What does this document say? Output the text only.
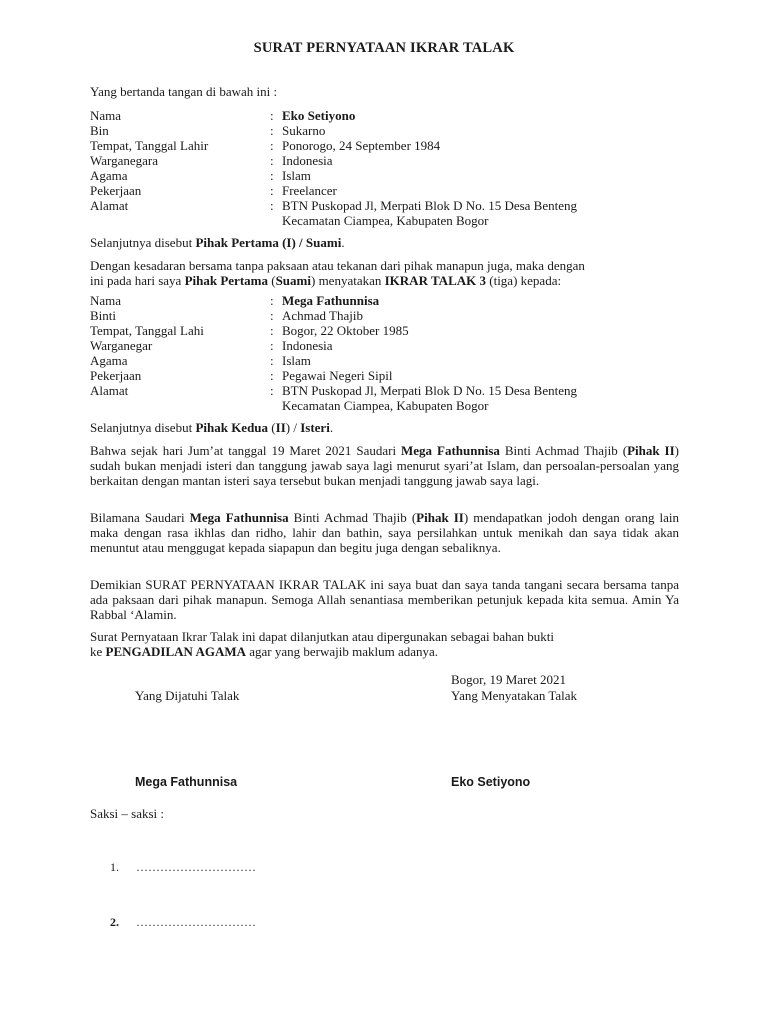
SURAT PERNYATAAN IKRAR TALAK
Yang bertanda tangan di bawah ini :
Nama	: Eko Setiyono
Bin	: Sukarno
Tempat, Tanggal Lahir	: Ponorogo, 24 September 1984
Warganegara	: Indonesia
Agama	: Islam
Pekerjaan	: Freelancer
Alamat	: BTN Puskopad Jl, Merpati Blok D No. 15 Desa Benteng
Kecamatan Ciampea, Kabupaten Bogor
Selanjutnya disebut Pihak Pertama (I) / Suami.
Dengan kesadaran bersama tanpa paksaan atau tekanan dari pihak manapun juga, maka dengan
ini pada hari saya Pihak Pertama (Suami) menyatakan IKRAR TALAK 3 (tiga) kepada:
Nama	: Mega Fathunnisa
Binti	: Achmad Thajib
Tempat, Tanggal Lahi	: Bogor, 22 Oktober 1985
Warganegar	: Indonesia
Agama	: Islam
Pekerjaan	: Pegawai Negeri Sipil
Alamat	: BTN Puskopad Jl, Merpati Blok D No. 15 Desa Benteng
Kecamatan Ciampea, Kabupaten Bogor
Selanjutnya disebut Pihak Kedua (II) / Isteri.
Bahwa sejak hari Jum’at tanggal 19 Maret 2021 Saudari Mega Fathunnisa Binti Achmad Thajib (Pihak II) sudah bukan menjadi isteri dan tanggung jawab saya lagi menurut syari’at Islam, dan persoalan-persoalan yang berkaitan dengan mantan isteri saya tersebut bukan menjadi tanggung jawab saya lagi.
Bilamana Saudari Mega Fathunnisa Binti Achmad Thajib (Pihak II) mendapatkan jodoh dengan orang lain maka dengan rasa ikhlas dan ridho, lahir dan bathin, saya persilahkan untuk menikah dan saya tidak akan menuntut atau menggugat kepada siapapun dan begitu juga dengan sebaliknya.
Demikian SURAT PERNYATAAN IKRAR TALAK ini saya buat dan saya tanda tangani secara bersama tanpa ada paksaan dari pihak manapun. Semoga Allah senantiasa memberikan petunjuk kepada kita semua. Amin Ya Rabbal ‘Alamin.
Surat Pernyataan Ikrar Talak ini dapat dilanjutkan atau dipergunakan sebagai bahan bukti
ke PENGADILAN AGAMA agar yang berwajib maklum adanya.
Bogor, 19 Maret 2021
Yang Dijatuhi Talak	Yang Menyatakan Talak
Mega Fathunnisa	Eko Setiyono
Saksi – saksi :
1. …………………………
2. …………………………
